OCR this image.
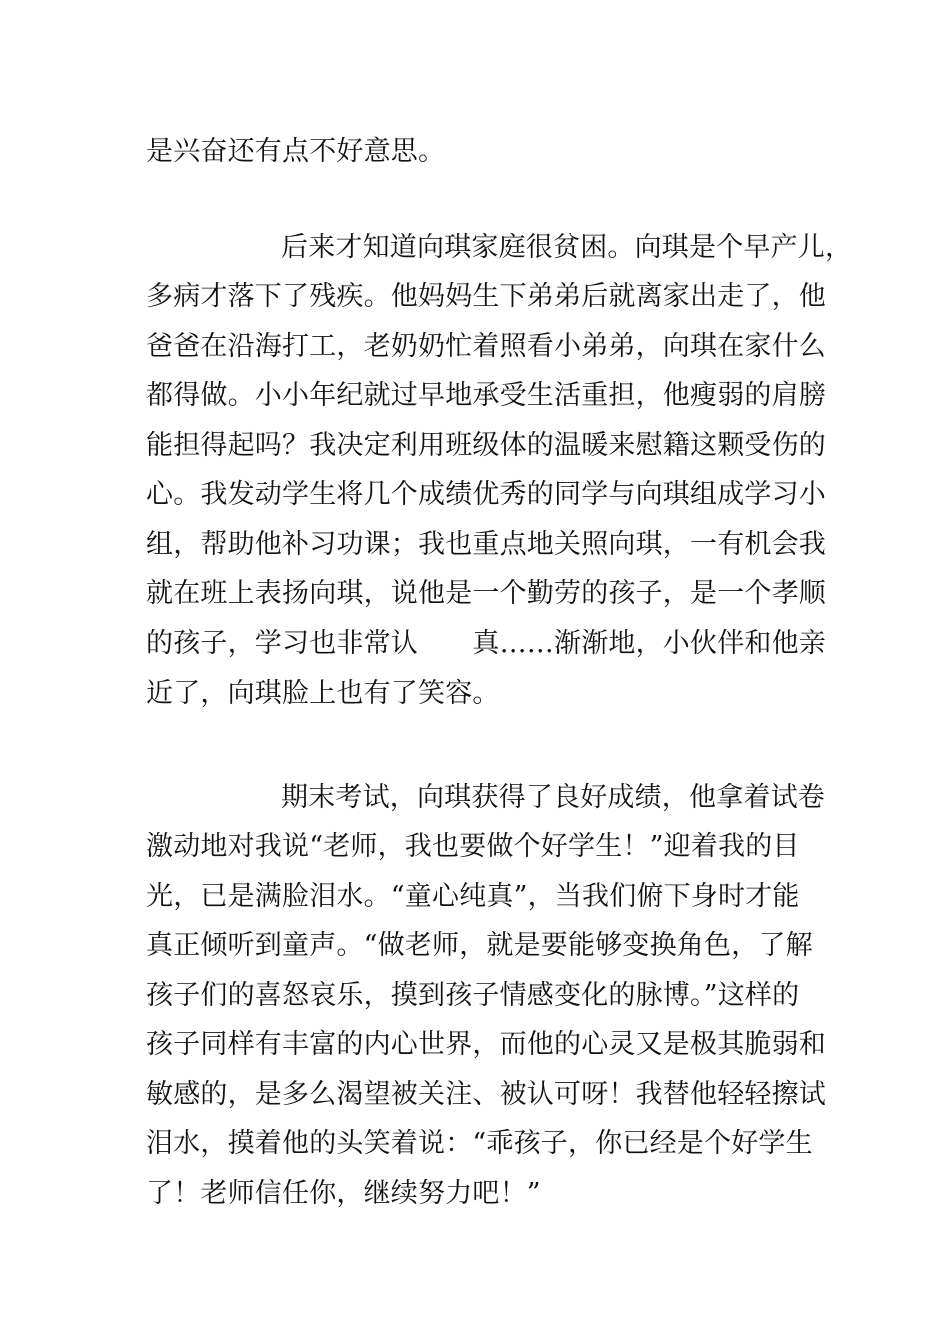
是兴奋还有点不好意思。
后来才知道向琪家庭很贫困。向琪是个早产儿，
多病才落下了残疾。他妈妈生下弟弟后就离家出走了，他
爸爸在沿海打工，老奶奶忙着照看小弟弟，向琪在家什么
都得做。小小年纪就过早地承受生活重担，他瘦弱的肩膀
能担得起吗？我决定利用班级体的温暖来慰籍这颗受伤的
心。我发动学生将几个成绩优秀的同学与向琪组成学习小
组，帮助他补习功课；我也重点地关照向琪，一有机会我
就在班上表扬向琪，说他是一个勤劳的孩子，是一个孝顺
的孩子，学习也非常认　　真……渐渐地，小伙伴和他亲
近了，向琪脸上也有了笑容。
期末考试，向琪获得了良好成绩，他拿着试卷
激动地对我说“老师，我也要做个好学生！”迎着我的目
光，已是满脸泪水。“童心纯真”，当我们俯下身时才能
真正倾听到童声。“做老师，就是要能够变换角色，了解
孩子们的喜怒哀乐，摸到孩子情感变化的脉博。”这样的
孩子同样有丰富的内心世界，而他的心灵又是极其脆弱和
敏感的，是多么渴望被关注、被认可呀！我替他轻轻擦试
泪水，摸着他的头笑着说：“乖孩子，你已经是个好学生
了！老师信任你，继续努力吧！”
